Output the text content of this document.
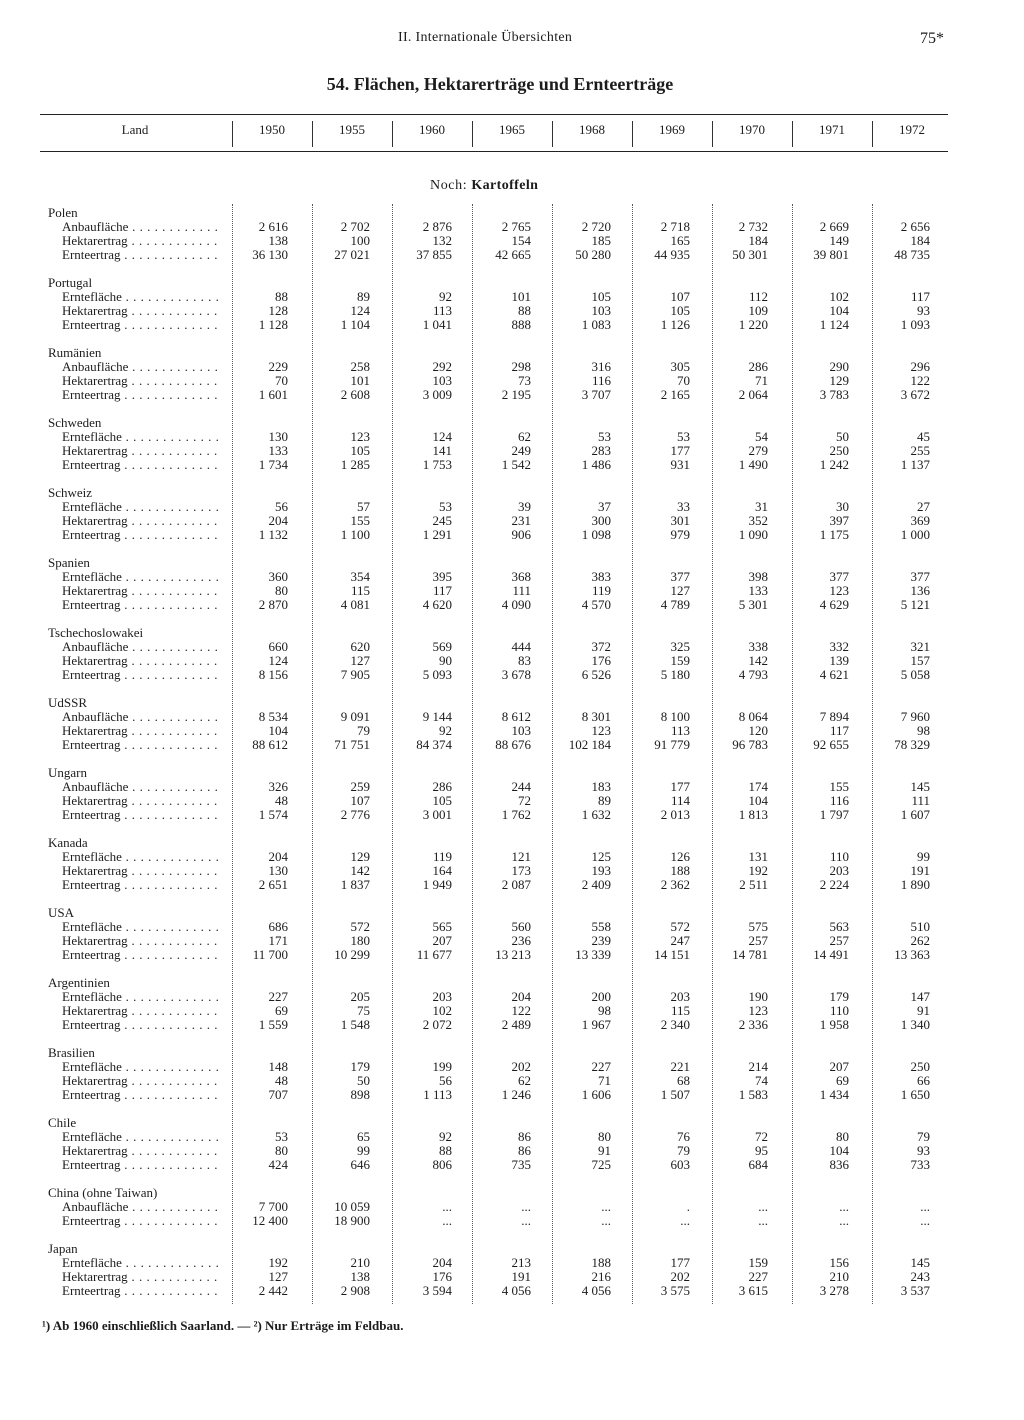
II. Internationale Übersichten	75*
54. Flächen, Hektarerträge und Ernteerträge
Land	1950	1955	1960	1965	1968	1969	1970	1971	1972
Noch: Kartoffeln
Polen
Anbaufläche . . .	2 616	2 702	2 876	2 765	2 720	2 718	2 732	2 669	2 656
Hektarertrag . . .	138	100	132	154	185	165	184	149	184
Ernteertrag . . .	36 130	27 021	37 855	42 665	50 280	44 935	50 301	39 801	48 735
Portugal
Erntefläche . . .	88	89	92	101	105	107	112	102	117
Hektarertrag . . .	128	124	113	88	103	105	109	104	93
Ernteertrag . . .	1 128	1 104	1 041	888	1 083	1 126	1 220	1 124	1 093
Rumänien
Anbaufläche . . .	229	258	292	298	316	305	286	290	296
Hektarertrag . . .	70	101	103	73	116	70	71	129	122
Ernteertrag . . .	1 601	2 608	3 009	2 195	3 707	2 165	2 064	3 783	3 672
Schweden
Erntefläche . . .	130	123	124	62	53	53	54	50	45
Hektarertrag . . .	133	105	141	249	283	177	279	250	255
Ernteertrag . . .	1 734	1 285	1 753	1 542	1 486	931	1 490	1 242	1 137
Schweiz
Erntefläche . . .	56	57	53	39	37	33	31	30	27
Hektarertrag . . .	204	155	245	231	300	301	352	397	369
Ernteertrag . . .	1 132	1 100	1 291	906	1 098	979	1 090	1 175	1 000
Spanien
Erntefläche . . .	360	354	395	368	383	377	398	377	377
Hektarertrag . . .	80	115	117	111	119	127	133	123	136
Ernteertrag . . .	2 870	4 081	4 620	4 090	4 570	4 789	5 301	4 629	5 121
Tschechoslowakei
Anbaufläche . . .	660	620	569	444	372	325	338	332	321
Hektarertrag . . .	124	127	90	83	176	159	142	139	157
Ernteertrag . . .	8 156	7 905	5 093	3 678	6 526	5 180	4 793	4 621	5 058
UdSSR
Anbaufläche . . .	8 534	9 091	9 144	8 612	8 301	8 100	8 064	7 894	7 960
Hektarertrag . . .	104	79	92	103	123	113	120	117	98
Ernteertrag . . .	88 612	71 751	84 374	88 676	102 184	91 779	96 783	92 655	78 329
Ungarn
Anbaufläche . . .	326	259	286	244	183	177	174	155	145
Hektarertrag . . .	48	107	105	72	89	114	104	116	111
Ernteertrag . . .	1 574	2 776	3 001	1 762	1 632	2 013	1 813	1 797	1 607
Kanada
Erntefläche . . .	204	129	119	121	125	126	131	110	99
Hektarertrag . . .	130	142	164	173	193	188	192	203	191
Ernteertrag . . .	2 651	1 837	1 949	2 087	2 409	2 362	2 511	2 224	1 890
USA
Erntefläche . . .	686	572	565	560	558	572	575	563	510
Hektarertrag . . .	171	180	207	236	239	247	257	257	262
Ernteertrag . . .	11 700	10 299	11 677	13 213	13 339	14 151	14 781	14 491	13 363
Argentinien
Erntefläche . . .	227	205	203	204	200	203	190	179	147
Hektarertrag . . .	69	75	102	122	98	115	123	110	91
Ernteertrag . . .	1 559	1 548	2 072	2 489	1 967	2 340	2 336	1 958	1 340
Brasilien
Erntefläche . . .	148	179	199	202	227	221	214	207	250
Hektarertrag . . .	48	50	56	62	71	68	74	69	66
Ernteertrag . . .	707	898	1 113	1 246	1 606	1 507	1 583	1 434	1 650
Chile
Erntefläche . . .	53	65	92	86	80	76	72	80	79
Hektarertrag . . .	80	99	88	86	91	79	95	104	93
Ernteertrag . . .	424	646	806	735	725	603	684	836	733
China (ohne Taiwan)
Anbaufläche . . .	7 700	10 059	...	...	...	.	...	...	...
Ernteertrag . . .	12 400	18 900	...	...	...	...	...	...	...
Japan
Erntefläche . . .	192	210	204	213	188	177	159	156	145
Hektarertrag . . .	127	138	176	191	216	202	227	210	243
Ernteertrag . . .	2 442	2 908	3 594	4 056	4 056	3 575	3 615	3 278	3 537
¹) Ab 1960 einschließlich Saarland. — ²) Nur Erträge im Feldbau.
